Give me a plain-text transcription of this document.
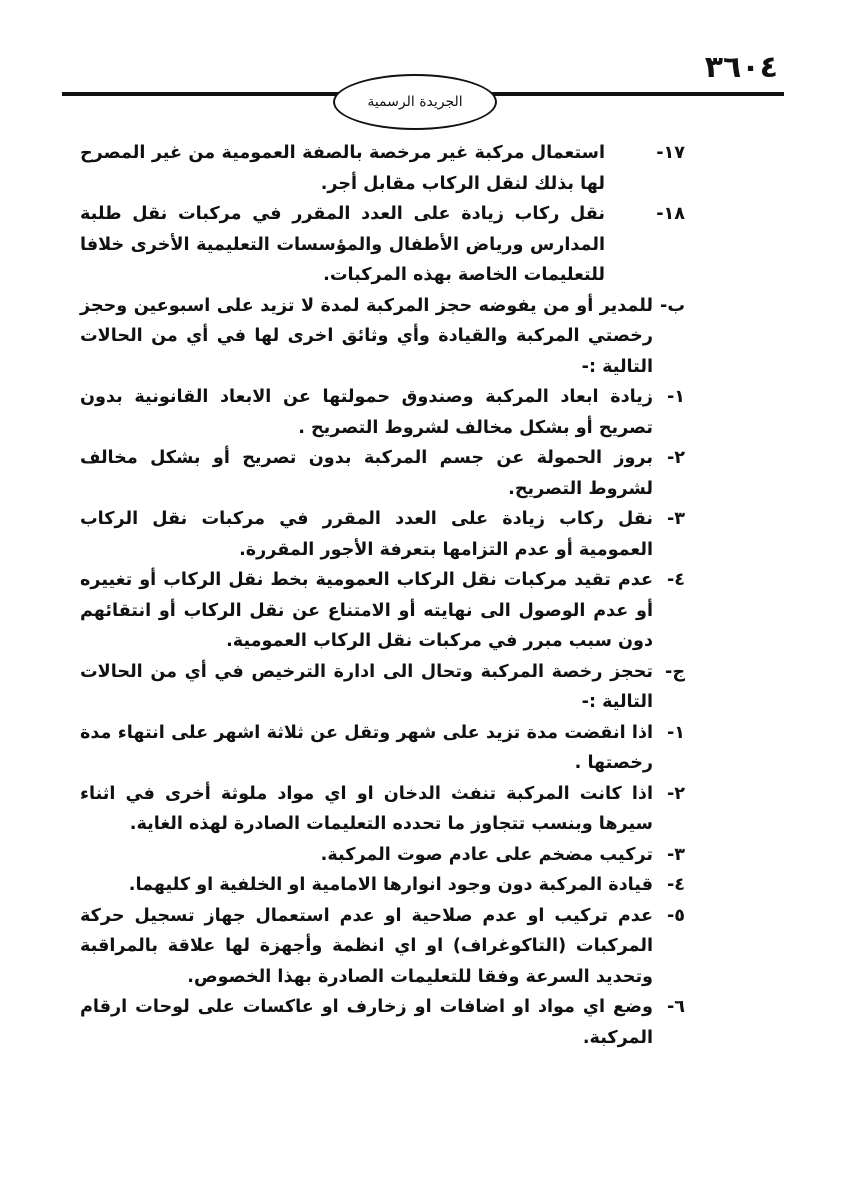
٣٦٠٤
الجريدة الرسمية
١٧-
استعمال مركبة غير مرخصة بالصفة العمومية من غير المصرح لها بذلك لنقل الركاب مقابل أجر.
١٨-
نقل ركاب زيادة على العدد المقرر في مركبات نقل طلبة المدارس ورياض الأطفال والمؤسسات التعليمية الأخرى خلافا للتعليمات الخاصة بهذه المركبات.
ب-
للمدير أو من يفوضه حجز المركبة لمدة لا تزيد على اسبوعين وحجز رخصتي المركبة والقيادة وأي وثائق اخرى لها في أي من الحالات التالية :-
١-
زيادة ابعاد المركبة وصندوق حمولتها عن الابعاد القانونية بدون تصريح أو بشكل مخالف لشروط التصريح .
٢-
بروز الحمولة عن جسم المركبة بدون تصريح أو بشكل مخالف لشروط التصريح.
٣-
نقل ركاب زيادة على العدد المقرر في مركبات نقل الركاب العمومية أو عدم التزامها بتعرفة الأجور المقررة.
٤-
عدم تقيد مركبات نقل الركاب العمومية بخط نقل الركاب أو تغييره أو عدم الوصول الى نهايته أو الامتناع عن نقل الركاب أو انتقائهم دون سبب مبرر في مركبات نقل الركاب العمومية.
ج-
تحجز رخصة المركبة وتحال الى ادارة الترخيص في أي من الحالات التالية :-
١-
اذا انقضت مدة تزيد على شهر وتقل عن ثلاثة اشهر على انتهاء مدة رخصتها .
٢-
اذا كانت المركبة تنفث الدخان او اي مواد ملوثة أخرى في اثناء سيرها وبنسب تتجاوز ما تحدده التعليمات الصادرة لهذه الغاية.
٣-
تركيب مضخم على عادم صوت المركبة.
٤-
قيادة المركبة دون وجود انوارها الامامية او الخلفية او كليهما.
٥-
عدم تركيب او عدم صلاحية او عدم استعمال جهاز تسجيل حركة المركبات (التاكوغراف) او اي انظمة وأجهزة لها علاقة بالمراقبة وتحديد السرعة وفقا للتعليمات الصادرة بهذا الخصوص.
٦-
وضع اي مواد او اضافات او زخارف او عاكسات على لوحات ارقام المركبة.
